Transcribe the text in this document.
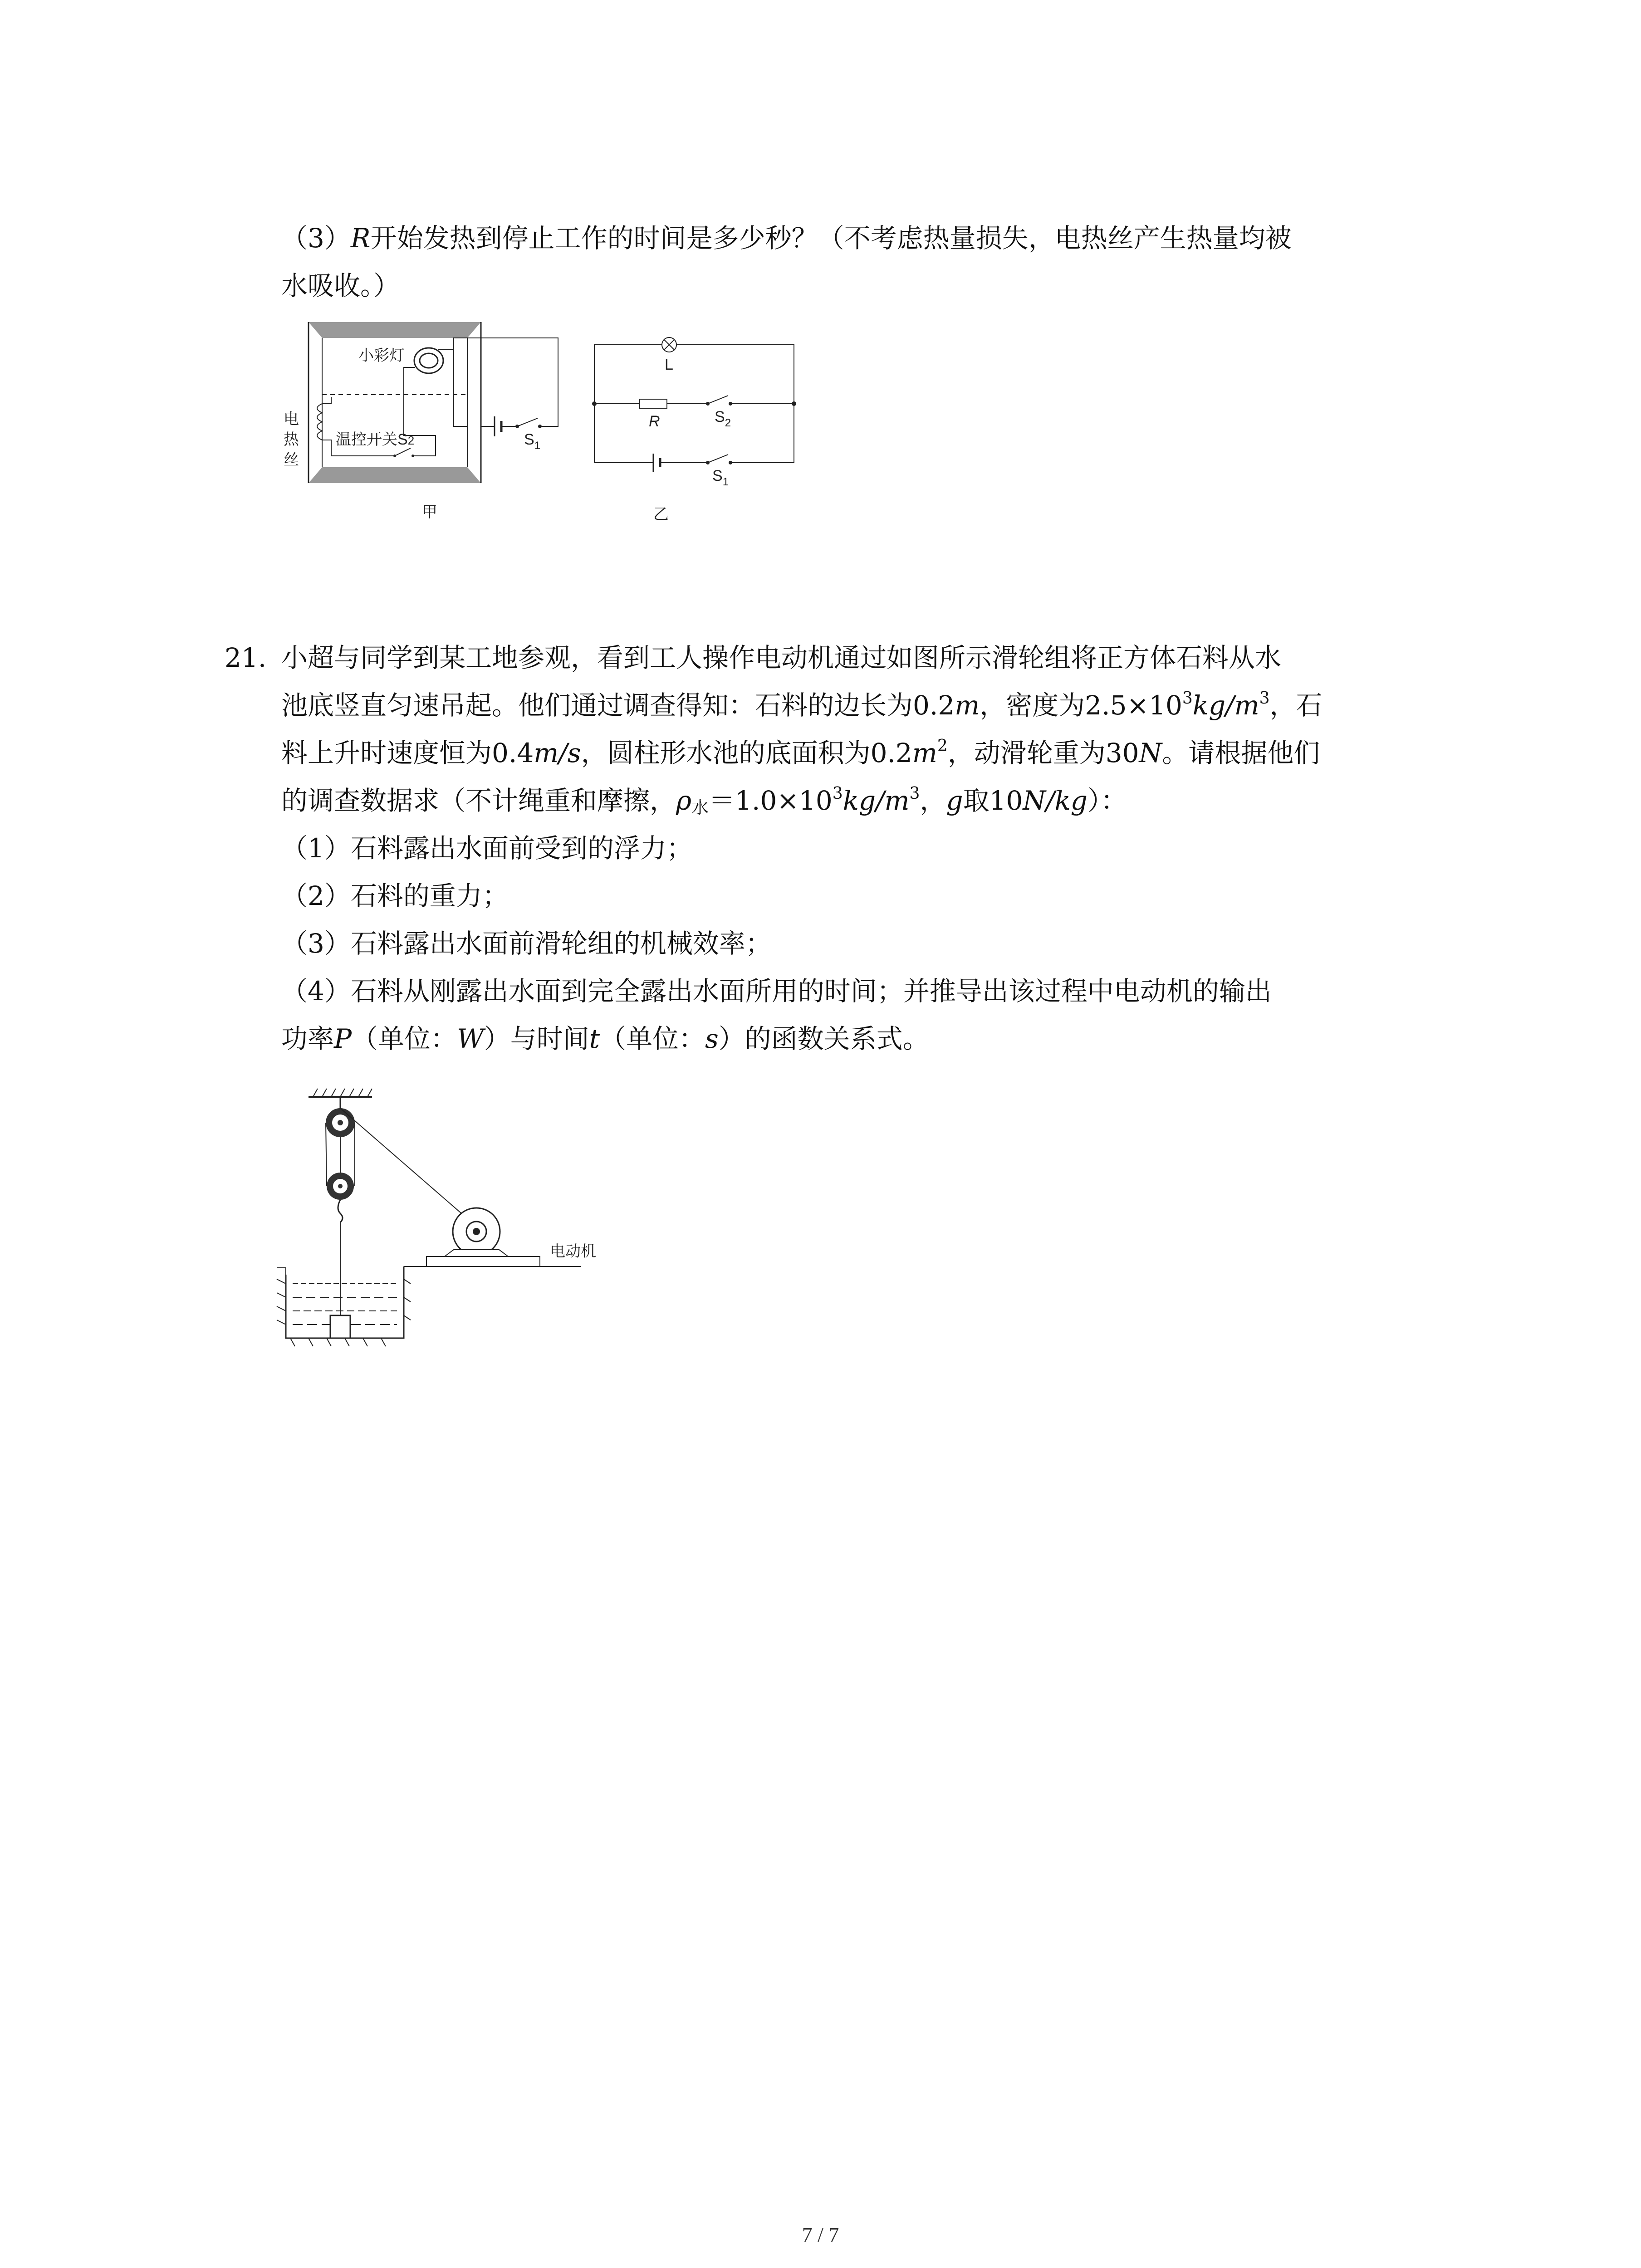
（3）R开始发热到停止工作的时间是多少秒？（不考虑热量损失，电热丝产生热量均被
水吸收。）
小彩灯
$S_1$
温控开关S2
电
热
丝
甲
L
R	$S_2$
$S_1$
乙
21. 小超与同学到某工地参观，看到工人操作电动机通过如图所示滑轮组将正方体石料从水
池底竖直匀速吊起。他们通过调查得知：石料的边长为0.2m，密度为$2.5\times 10^3kg/m^3$，石
料上升时速度恒为0.4m/s，圆柱形水池的底面积为$0.2m^2$，动滑轮重为30N。请根据他们
的调查数据求（不计绳重和摩擦，$\rho_水=1.0\times 10^3kg/m^3$，g取10N/kg）：
（1）石料露出水面前受到的浮力；
（2）石料的重力；
（3）石料露出水面前滑轮组的机械效率；
（4）石料从刚露出水面到完全露出水面所用的时间；并推导出该过程中电动机的输出
功率P（单位：W）与时间t（单位：s）的函数关系式。
电动机
7 / 7
